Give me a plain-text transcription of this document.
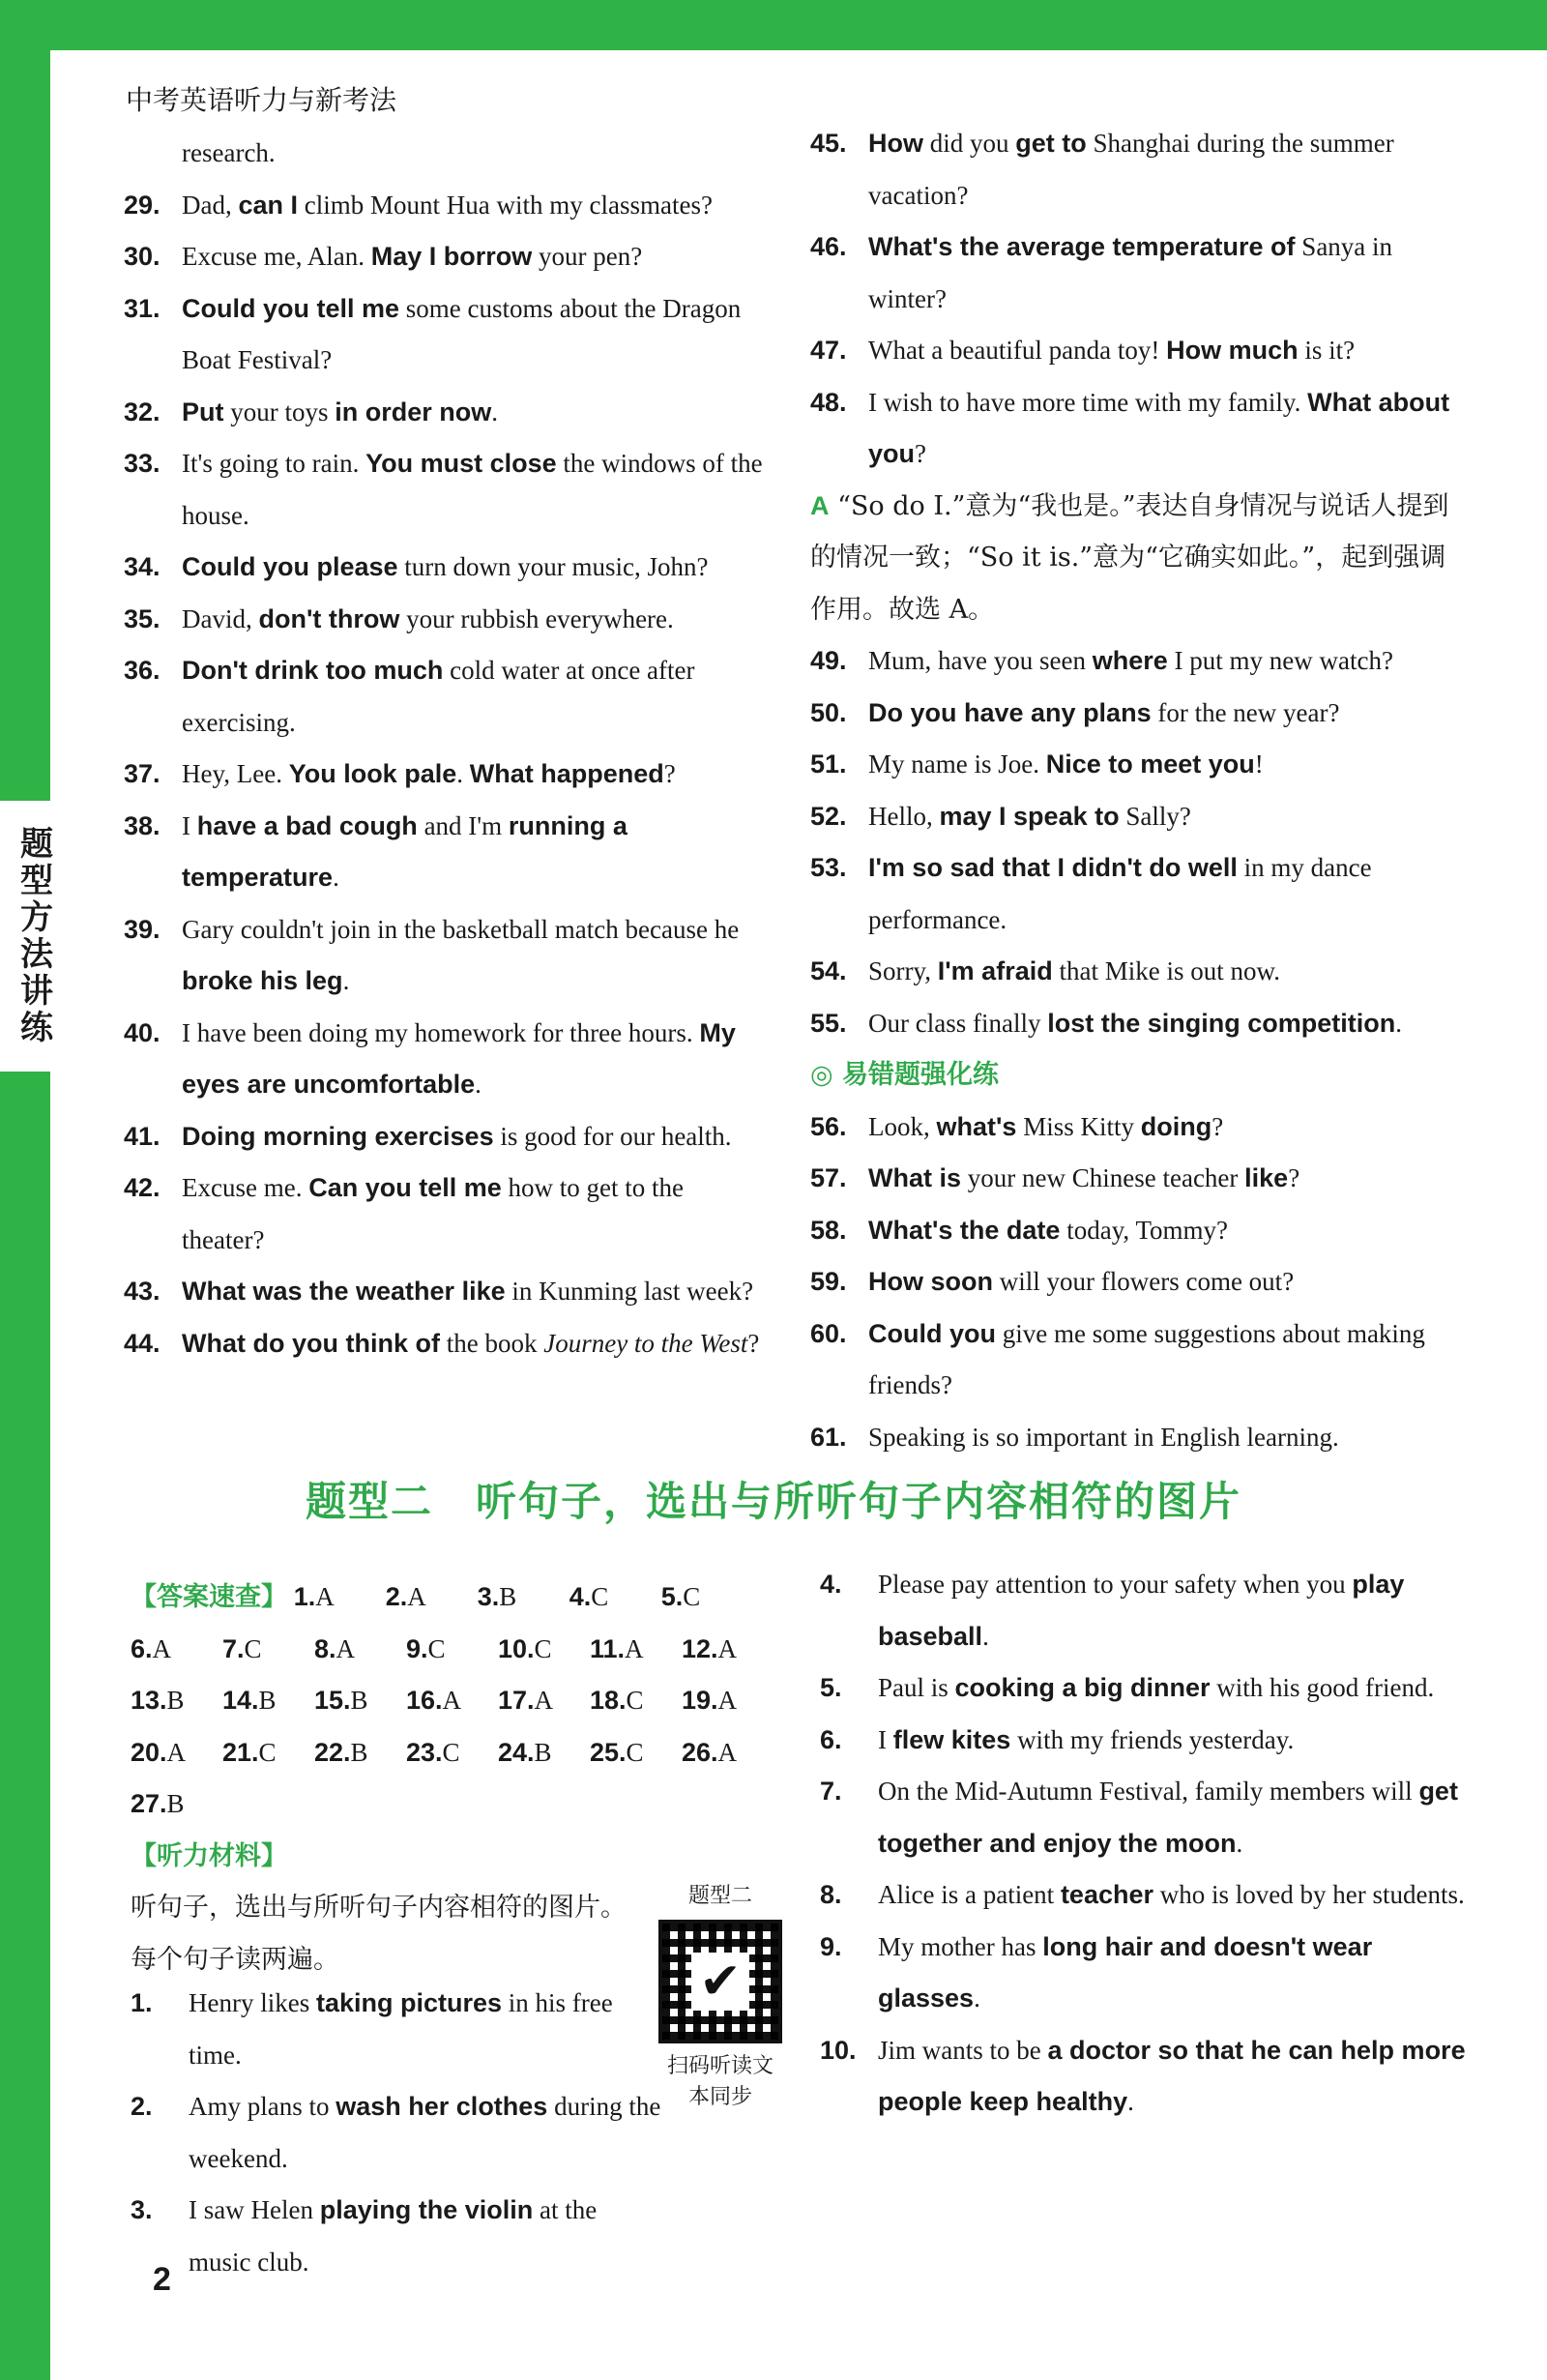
题型方法讲练
中考英语听力与新考法
research.
29. Dad, can I climb Mount Hua with my classmates?
30. Excuse me, Alan. May I borrow your pen?
31. Could you tell me some customs about the Dragon Boat Festival?
32. Put your toys in order now.
33. It's going to rain. You must close the windows of the house.
34. Could you please turn down your music, John?
35. David, don't throw your rubbish everywhere.
36. Don't drink too much cold water at once after exercising.
37. Hey, Lee. You look pale. What happened?
38. I have a bad cough and I'm running a temperature.
39. Gary couldn't join in the basketball match because he broke his leg.
40. I have been doing my homework for three hours. My eyes are uncomfortable.
41. Doing morning exercises is good for our health.
42. Excuse me. Can you tell me how to get to the theater?
43. What was the weather like in Kunming last week?
44. What do you think of the book Journey to the West?
45. How did you get to Shanghai during the summer vacation?
46. What's the average temperature of Sanya in winter?
47. What a beautiful panda toy! How much is it?
48. I wish to have more time with my family. What about you?
A “So do I.”意为“我也是。”表达自身情况与说话人提到的情况一致；“So it is.”意为“它确实如此。”，起到强调作用。故选 A。
49. Mum, have you seen where I put my new watch?
50. Do you have any plans for the new year?
51. My name is Joe. Nice to meet you!
52. Hello, may I speak to Sally?
53. I'm so sad that I didn't do well in my dance performance.
54. Sorry, I'm afraid that Mike is out now.
55. Our class finally lost the singing competition.
◎ 易错题强化练
56. Look, what's Miss Kitty doing?
57. What is your new Chinese teacher like?
58. What's the date today, Tommy?
59. How soon will your flowers come out?
60. Could you give me some suggestions about making friends?
61. Speaking is so important in English learning.
题型二　听句子，选出与所听句子内容相符的图片
【答案速查】 1.A 2.A 3.B 4.C 5.C6.A 7.C 8.A 9.C 10.C 11.A 12.A13.B 14.B 15.B 16.A 17.A 18.C 19.A20.A 21.C 22.B 23.C 24.B 25.C 26.A27.B
【听力材料】
听句子，选出与所听句子内容相符的图片。每个句子读两遍。
题型二
✔
扫码听读文本同步
1. Henry likes taking pictures in his free time.
2. Amy plans to wash her clothes during the weekend.
3. I saw Helen playing the violin at the music club.
4. Please pay attention to your safety when you play baseball.
5. Paul is cooking a big dinner with his good friend.
6. I flew kites with my friends yesterday.
7. On the Mid-Autumn Festival, family members will get together and enjoy the moon.
8. Alice is a patient teacher who is loved by her students.
9. My mother has long hair and doesn't wear glasses.
10. Jim wants to be a doctor so that he can help more people keep healthy.
2
